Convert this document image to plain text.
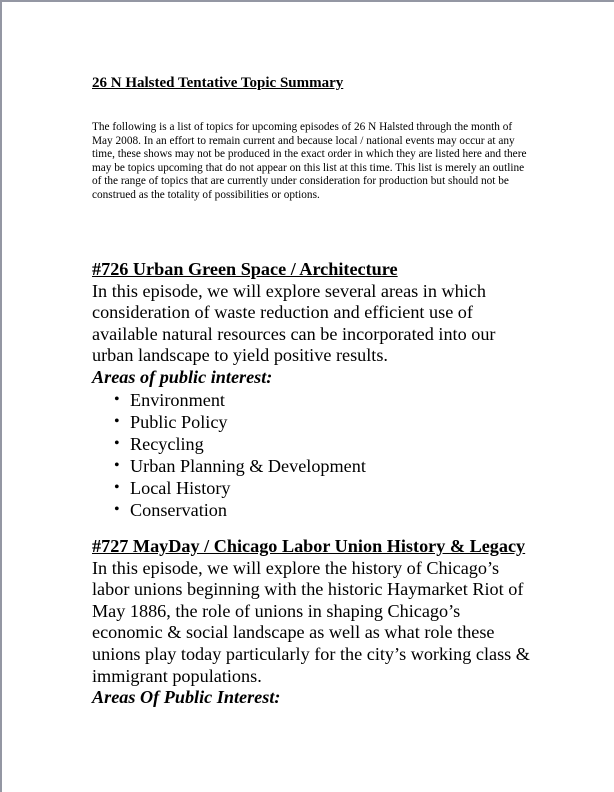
26 N Halsted Tentative Topic Summary

The following is a list of topics for upcoming episodes of 26 N Halsted through the month of May 2008. In an effort to remain current and because local / national events may occur at any time, these shows may not be produced in the exact order in which they are listed here and there may be topics upcoming that do not appear on this list at this time. This list is merely an outline of the range of topics that are currently under consideration for production but should not be construed as the totality of possibilities or options.

#726 Urban Green Space / Architecture

In this episode, we will explore several areas in which consideration of waste reduction and efficient use of available natural resources can be incorporated into our urban landscape to yield positive results.

Areas of public interest:

• Environment
• Public Policy
• Recycling
• Urban Planning & Development
• Local History
• Conservation
#727 MayDay / Chicago Labor Union History & Legacy

In this episode, we will explore the history of Chicago’s labor unions beginning with the historic Haymarket Riot of May 1886, the role of unions in shaping Chicago’s economic & social landscape as well as what role these unions play today particularly for the city’s working class & immigrant populations.

Areas Of Public Interest:
